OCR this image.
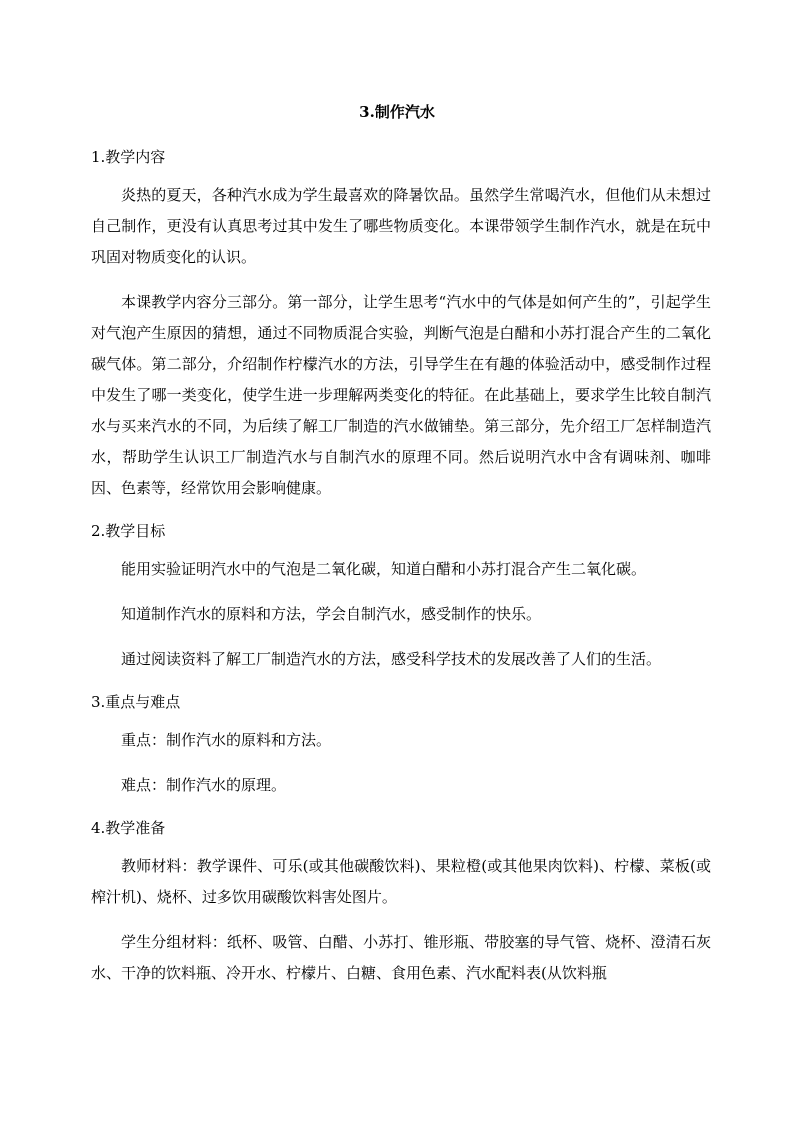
3.制作汽水
1.教学内容

炎热的夏天，各种汽水成为学生最喜欢的降暑饮品。虽然学生常喝汽水，但他们从未想过自己制作，更没有认真思考过其中发生了哪些物质变化。本课带领学生制作汽水，就是在玩中巩固对物质变化的认识。

本课教学内容分三部分。第一部分，让学生思考“汽水中的气体是如何产生的”，引起学生对气泡产生原因的猜想，通过不同物质混合实验，判断气泡是白醋和小苏打混合产生的二氧化碳气体。第二部分，介绍制作柠檬汽水的方法，引导学生在有趣的体验活动中，感受制作过程中发生了哪一类变化，使学生进一步理解两类变化的特征。在此基础上，要求学生比较自制汽水与买来汽水的不同，为后续了解工厂制造的汽水做铺垫。第三部分，先介绍工厂怎样制造汽水，帮助学生认识工厂制造汽水与自制汽水的原理不同。然后说明汽水中含有调味剂、咖啡因、色素等，经常饮用会影响健康。

2.教学目标

能用实验证明汽水中的气泡是二氧化碳，知道白醋和小苏打混合产生二氧化碳。

知道制作汽水的原料和方法，学会自制汽水，感受制作的快乐。

通过阅读资料了解工厂制造汽水的方法，感受科学技术的发展改善了人们的生活。

3.重点与难点

重点：制作汽水的原料和方法。

难点：制作汽水的原理。

4.教学准备

教师材料：教学课件、可乐(或其他碳酸饮料)、果粒橙(或其他果肉饮料)、柠檬、菜板(或榨汁机)、烧杯、过多饮用碳酸饮料害处图片。

学生分组材料：纸杯、吸管、白醋、小苏打、锥形瓶、带胶塞的导气管、烧杯、澄清石灰水、干净的饮料瓶、冷开水、柠檬片、白糖、食用色素、汽水配料表(从饮料瓶
